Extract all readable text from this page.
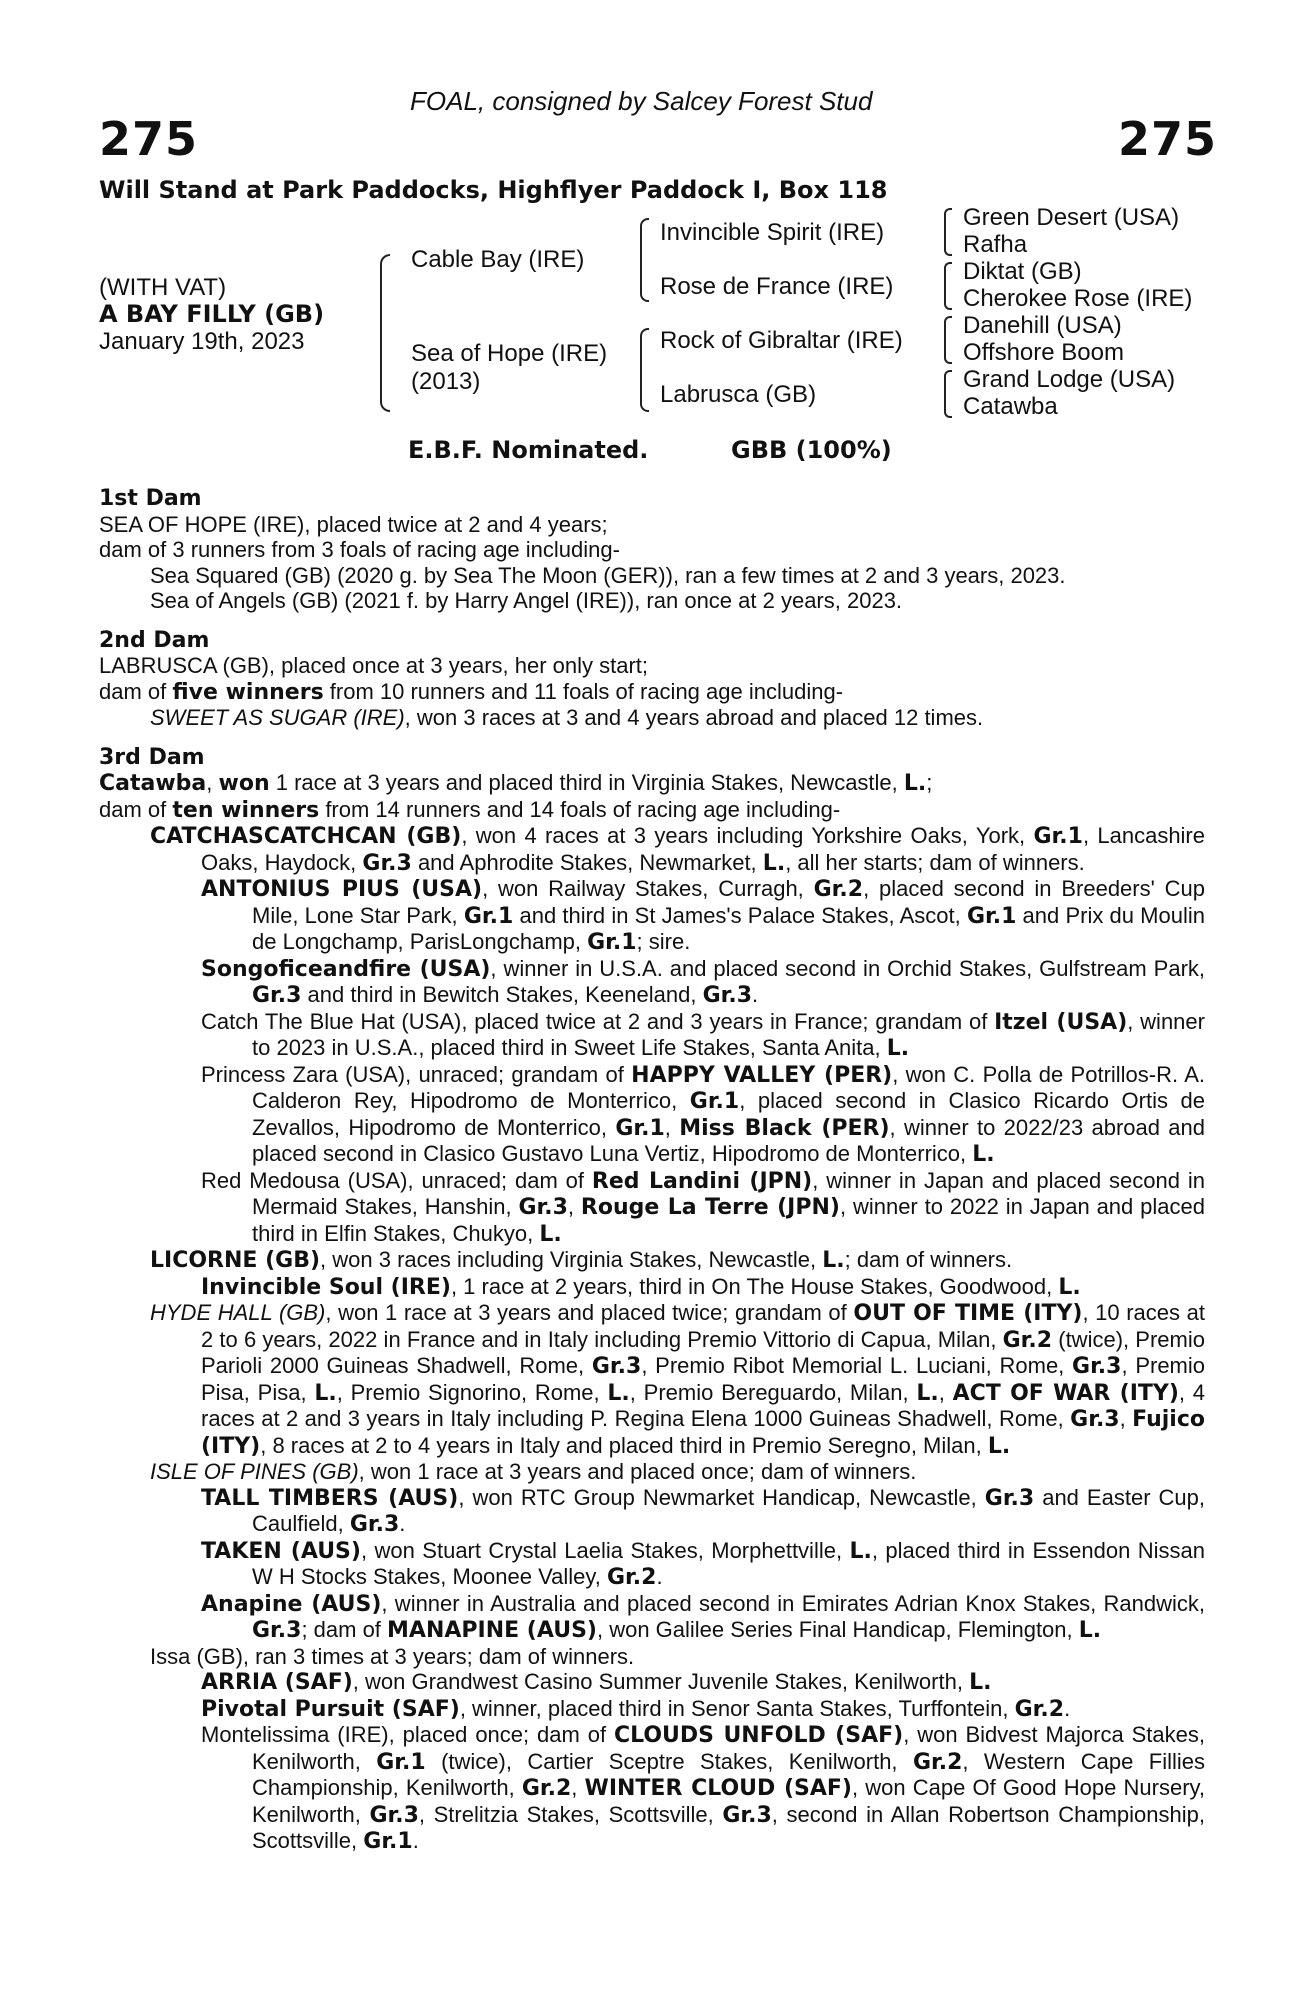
FOAL, consigned by Salcey Forest Stud
275	275
Will Stand at Park Paddocks, Highflyer Paddock I, Box 118
(WITH VAT)
A BAY FILLY (GB)
January 19th, 2023
Cable Bay (IRE)
Sea of Hope (IRE)
(2013)
Invincible Spirit (IRE)
Rose de France (IRE)
Rock of Gibraltar (IRE)
Labrusca (GB)
Green Desert (USA)
Rafha
Diktat (GB)
Cherokee Rose (IRE)
Danehill (USA)
Offshore Boom
Grand Lodge (USA)
Catawba
E.B.F. Nominated.	GBB (100%)
1st Dam

SEA OF HOPE (IRE), placed twice at 2 and 4 years;

dam of 3 runners from 3 foals of racing age including-

Sea Squared (GB) (2020 g. by Sea The Moon (GER)), ran a few times at 2 and 3 years, 2023.

Sea of Angels (GB) (2021 f. by Harry Angel (IRE)), ran once at 2 years, 2023.

2nd Dam

LABRUSCA (GB), placed once at 3 years, her only start;

dam of five winners from 10 runners and 11 foals of racing age including-

SWEET AS SUGAR (IRE), won 3 races at 3 and 4 years abroad and placed 12 times.

3rd Dam

Catawba, won 1 race at 3 years and placed third in Virginia Stakes, Newcastle, L.;

dam of ten winners from 14 runners and 14 foals of racing age including-

CATCHASCATCHCAN (GB), won 4 races at 3 years including Yorkshire Oaks, York, Gr.1, Lancashire Oaks, Haydock, Gr.3 and Aphrodite Stakes, Newmarket, L., all her starts; dam of winners.

ANTONIUS PIUS (USA), won Railway Stakes, Curragh, Gr.2, placed second in Breeders' Cup Mile, Lone Star Park, Gr.1 and third in St James's Palace Stakes, Ascot, Gr.1 and Prix du Moulin de Longchamp, ParisLongchamp, Gr.1; sire.

Songoficeandfire (USA), winner in U.S.A. and placed second in Orchid Stakes, Gulfstream Park, Gr.3 and third in Bewitch Stakes, Keeneland, Gr.3.

Catch The Blue Hat (USA), placed twice at 2 and 3 years in France; grandam of Itzel (USA), winner to 2023 in U.S.A., placed third in Sweet Life Stakes, Santa Anita, L.

Princess Zara (USA), unraced; grandam of HAPPY VALLEY (PER), won C. Polla de Potrillos-R. A. Calderon Rey, Hipodromo de Monterrico, Gr.1, placed second in Clasico Ricardo Ortis de Zevallos, Hipodromo de Monterrico, Gr.1, Miss Black (PER), winner to 2022/23 abroad and placed second in Clasico Gustavo Luna Vertiz, Hipodromo de Monterrico, L.

Red Medousa (USA), unraced; dam of Red Landini (JPN), winner in Japan and placed second in Mermaid Stakes, Hanshin, Gr.3, Rouge La Terre (JPN), winner to 2022 in Japan and placed third in Elfin Stakes, Chukyo, L.

LICORNE (GB), won 3 races including Virginia Stakes, Newcastle, L.; dam of winners.

Invincible Soul (IRE), 1 race at 2 years, third in On The House Stakes, Goodwood, L.

HYDE HALL (GB), won 1 race at 3 years and placed twice; grandam of OUT OF TIME (ITY), 10 races at 2 to 6 years, 2022 in France and in Italy including Premio Vittorio di Capua, Milan, Gr.2 (twice), Premio Parioli 2000 Guineas Shadwell, Rome, Gr.3, Premio Ribot Memorial L. Luciani, Rome, Gr.3, Premio Pisa, Pisa, L., Premio Signorino, Rome, L., Premio Bereguardo, Milan, L., ACT OF WAR (ITY), 4 races at 2 and 3 years in Italy including P. Regina Elena 1000 Guineas Shadwell, Rome, Gr.3, Fujico (ITY), 8 races at 2 to 4 years in Italy and placed third in Premio Seregno, Milan, L.

ISLE OF PINES (GB), won 1 race at 3 years and placed once; dam of winners.

TALL TIMBERS (AUS), won RTC Group Newmarket Handicap, Newcastle, Gr.3 and Easter Cup, Caulfield, Gr.3.

TAKEN (AUS), won Stuart Crystal Laelia Stakes, Morphettville, L., placed third in Essendon Nissan W H Stocks Stakes, Moonee Valley, Gr.2.

Anapine (AUS), winner in Australia and placed second in Emirates Adrian Knox Stakes, Randwick, Gr.3; dam of MANAPINE (AUS), won Galilee Series Final Handicap, Flemington, L.

Issa (GB), ran 3 times at 3 years; dam of winners.

ARRIA (SAF), won Grandwest Casino Summer Juvenile Stakes, Kenilworth, L.

Pivotal Pursuit (SAF), winner, placed third in Senor Santa Stakes, Turffontein, Gr.2.

Montelissima (IRE), placed once; dam of CLOUDS UNFOLD (SAF), won Bidvest Majorca Stakes, Kenilworth, Gr.1 (twice), Cartier Sceptre Stakes, Kenilworth, Gr.2, Western Cape Fillies Championship, Kenilworth, Gr.2, WINTER CLOUD (SAF), won Cape Of Good Hope Nursery, Kenilworth, Gr.3, Strelitzia Stakes, Scottsville, Gr.3, second in Allan Robertson Championship, Scottsville, Gr.1.
